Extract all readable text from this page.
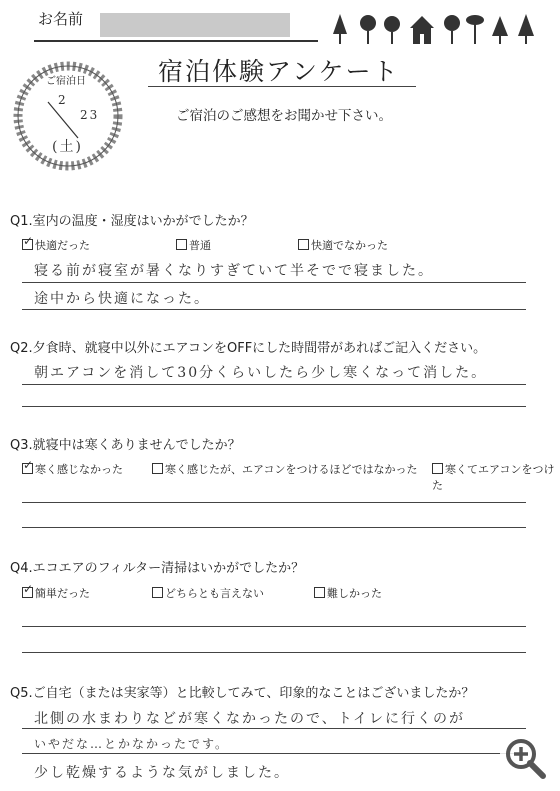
お名前
宿泊体験アンケート
ご宿泊のご感想をお聞かせ下さい。
ご宿泊日
2
23
(土)
Q1.室内の温度・湿度はいかがでしたか？
✓ 快適だった	普通	快適でなかった
寝る前が寝室が暑くなりすぎていて半そでで寝ました。
途中から快適になった。
Q2.夕食時、就寝中以外にエアコンをOFFにした時間帯があればご記入ください。
朝エアコンを消して30分くらいしたら少し寒くなって消した。
Q3.就寝中は寒くありませんでしたか？
✓ 寒く感じなかった	寒く感じたが、エアコンをつけるほどではなかった	寒くてエアコンをつけた
Q4.エコエアのフィルター清掃はいかがでしたか？
✓ 簡単だった	どちらとも言えない	難しかった
Q5.ご自宅（または実家等）と比較してみて、印象的なことはございましたか？
北側の水まわりなどが寒くなかったので、トイレに行くのが
いやだな…とかなかったです。
少し乾燥するような気がしました。
